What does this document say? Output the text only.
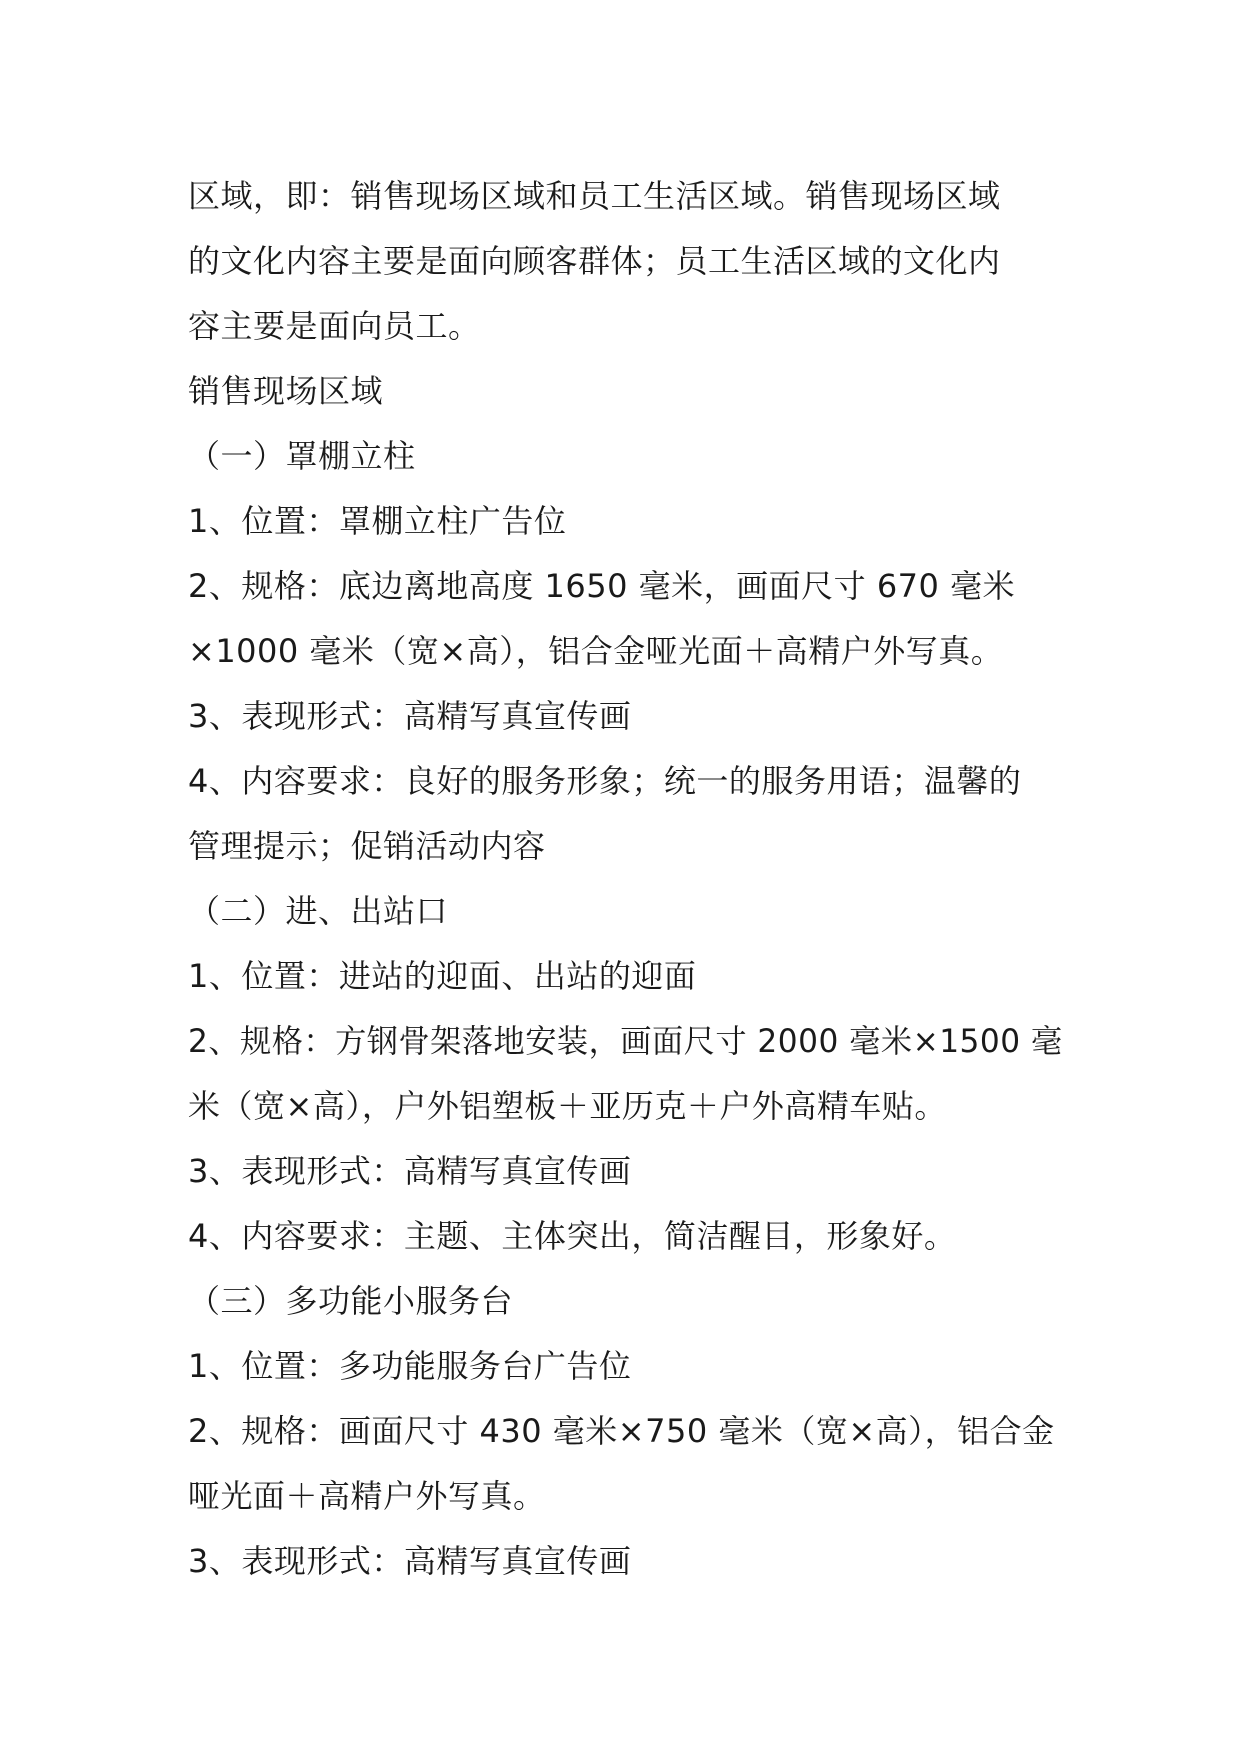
区域，即：销售现场区域和员工生活区域。销售现场区域
的文化内容主要是面向顾客群体；员工生活区域的文化内
容主要是面向员工。
销售现场区域
（一）罩棚立柱
1、位置：罩棚立柱广告位
2、规格：底边离地高度 1650 毫米，画面尺寸 670 毫米
×1000 毫米（宽×高），铝合金哑光面＋高精户外写真。
3、表现形式：高精写真宣传画
4、内容要求：良好的服务形象；统一的服务用语；温馨的
管理提示；促销活动内容
（二）进、出站口
1、位置：进站的迎面、出站的迎面
2、规格：方钢骨架落地安装，画面尺寸 2000 毫米×1500 毫
米（宽×高），户外铝塑板＋亚历克＋户外高精车贴。
3、表现形式：高精写真宣传画
4、内容要求：主题、主体突出，简洁醒目，形象好。
（三）多功能小服务台
1、位置：多功能服务台广告位
2、规格：画面尺寸 430 毫米×750 毫米（宽×高），铝合金
哑光面＋高精户外写真。
3、表现形式：高精写真宣传画
